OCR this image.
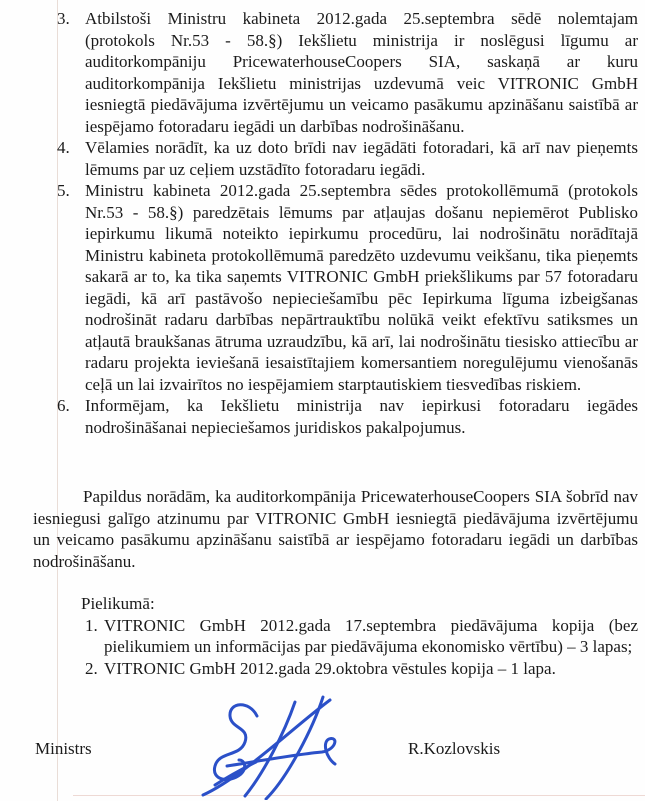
3. Atbilstoši Ministru kabineta 2012.gada 25.septembra sēdē nolemtajam (protokols Nr.53 - 58.§) Iekšlietu ministrija ir noslēgusi līgumu ar auditorkompāniju PricewaterhouseCoopers SIA, saskaņā ar kuru auditorkompānija Iekšlietu ministrijas uzdevumā veic VITRONIC GmbH iesniegtā piedāvājuma izvērtējumu un veicamo pasākumu apzināšanu saistībā ar iespējamo fotoradaru iegādi un darbības nodrošināšanu.
4. Vēlamies norādīt, ka uz doto brīdi nav iegādāti fotoradari, kā arī nav pieņemts lēmums par uz ceļiem uzstādīto fotoradaru iegādi.
5. Ministru kabineta 2012.gada 25.septembra sēdes protokollēmumā (protokols Nr.53 - 58.§) paredzētais lēmums par atļaujas došanu nepiemērot Publisko iepirkumu likumā noteikto iepirkumu procedūru, lai nodrošinātu norādītajā Ministru kabineta protokollēmumā paredzēto uzdevumu veikšanu, tika pieņemts sakarā ar to, ka tika saņemts VITRONIC GmbH priekšlikums par 57 fotoradaru iegādi, kā arī pastāvošo nepieciešamību pēc Iepirkuma līguma izbeigšanas nodrošināt radaru darbības nepārtrauktību nolūkā veikt efektīvu satiksmes un atļautā braukšanas ātruma uzraudzību, kā arī, lai nodrošinātu tiesisko attiecību ar radaru projekta ieviešanā iesaistītajiem komersantiem noregulējumu vienošanās ceļā un lai izvairītos no iespējamiem starptautiskiem tiesvedības riskiem.
6. Informējam, ka Iekšlietu ministrija nav iepirkusi fotoradaru iegādes nodrošināšanai nepieciešamos juridiskos pakalpojumus.
Papildus norādām, ka auditorkompānija PricewaterhouseCoopers SIA šobrīd nav iesniegusi galīgo atzinumu par VITRONIC GmbH iesniegtā piedāvājuma izvērtējumu un veicamo pasākumu apzināšanu saistībā ar iespējamo fotoradaru iegādi un darbības nodrošināšanu.
Pielikumā:
1. VITRONIC GmbH 2012.gada 17.septembra piedāvājuma kopija (bez pielikumiem un informācijas par piedāvājuma ekonomisko vērtību) – 3 lapas;
2. VITRONIC GmbH 2012.gada 29.oktobra vēstules kopija – 1 lapa.
Ministrs	R.Kozlovskis
